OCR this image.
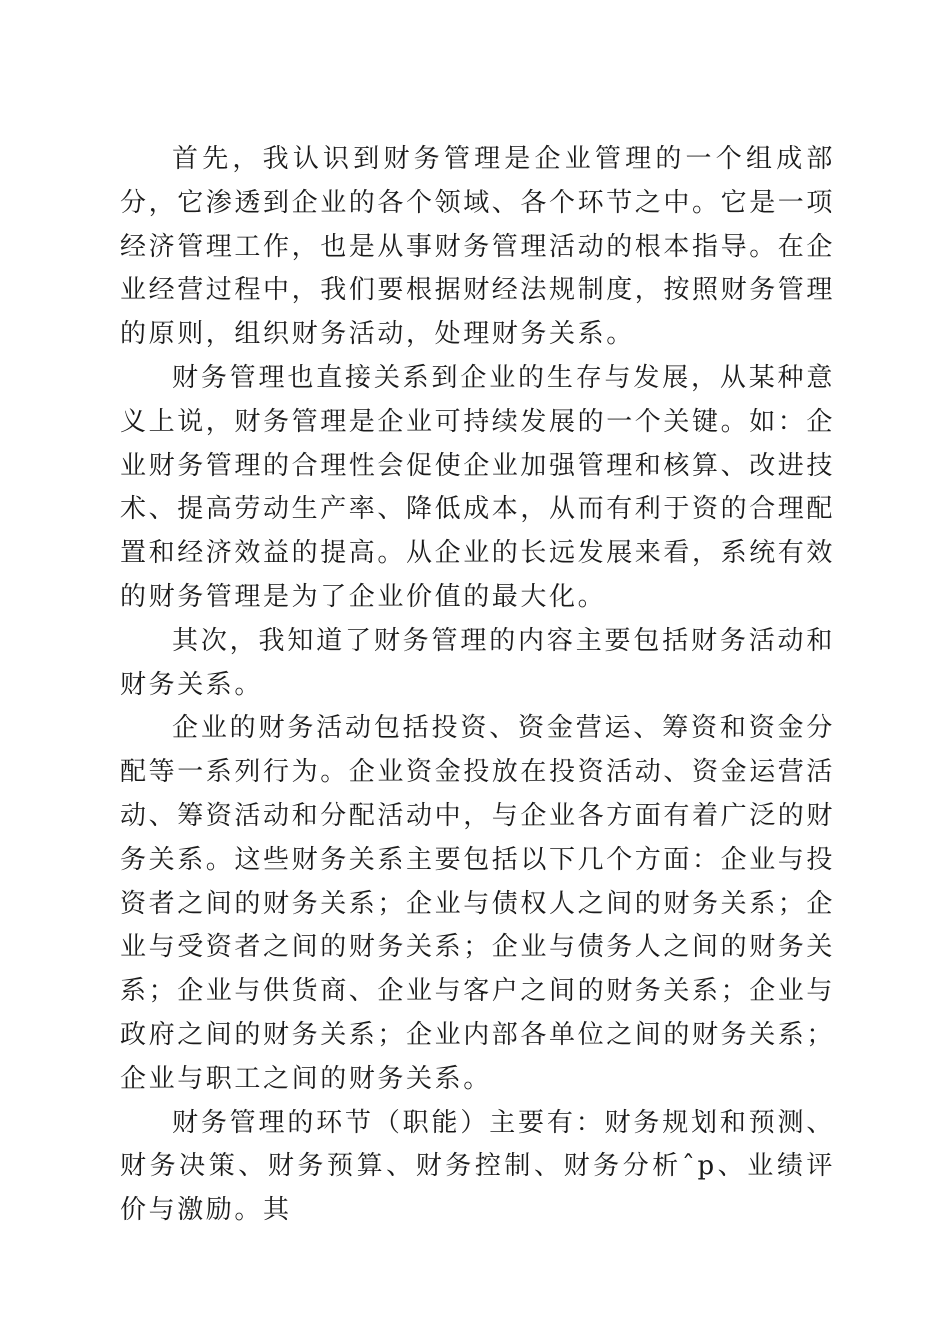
首先，我认识到财务管理是企业管理的一个组成部分，它渗透到企业的各个领域、各个环节之中。它是一项经济管理工作，也是从事财务管理活动的根本指导。在企业经营过程中，我们要根据财经法规制度，按照财务管理的原则，组织财务活动，处理财务关系。

财务管理也直接关系到企业的生存与发展，从某种意义上说，财务管理是企业可持续发展的一个关键。如：企业财务管理的合理性会促使企业加强管理和核算、改进技术、提高劳动生产率、降低成本，从而有利于资的合理配置和经济效益的提高。从企业的长远发展来看，系统有效的财务管理是为了企业价值的最大化。

其次，我知道了财务管理的内容主要包括财务活动和财务关系。

企业的财务活动包括投资、资金营运、筹资和资金分配等一系列行为。企业资金投放在投资活动、资金运营活动、筹资活动和分配活动中，与企业各方面有着广泛的财务关系。这些财务关系主要包括以下几个方面：企业与投资者之间的财务关系；企业与债权人之间的财务关系；企业与受资者之间的财务关系；企业与债务人之间的财务关系；企业与供货商、企业与客户之间的财务关系；企业与政府之间的财务关系；企业内部各单位之间的财务关系；企业与职工之间的财务关系。

财务管理的环节（职能）主要有：财务规划和预测、财务决策、财务预算、财务控制、财务分析ˆp、业绩评价与激励。其
